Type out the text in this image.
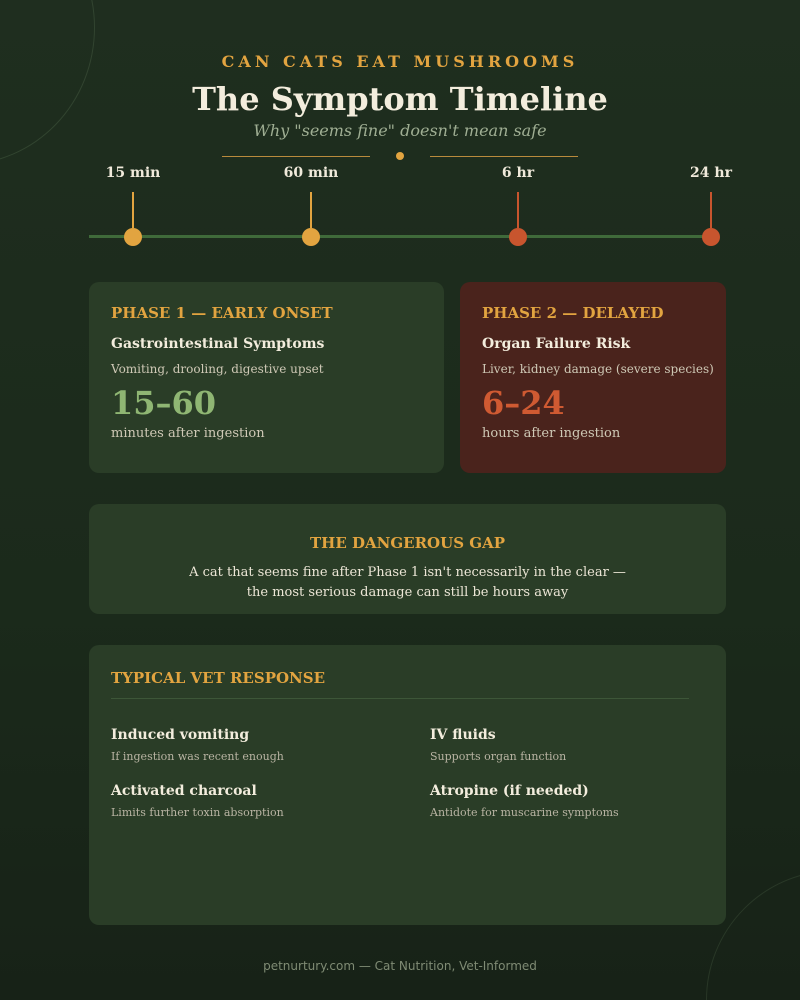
CAN CATS EAT MUSHROOMS
The Symptom Timeline
Why "seems fine" doesn't mean safe
15 min	60 min	6 hr	24 hr
PHASE 1 — EARLY ONSET
Gastrointestinal Symptoms
Vomiting, drooling, digestive upset
15–60
minutes after ingestion
PHASE 2 — DELAYED
Organ Failure Risk
Liver, kidney damage (severe species)
6–24
hours after ingestion
THE DANGEROUS GAP
A cat that seems fine after Phase 1 isn't necessarily in the clear —
the most serious damage can still be hours away
TYPICAL VET RESPONSE
Induced vomiting
If ingestion was recent enough
IV fluids
Supports organ function
Activated charcoal
Limits further toxin absorption
Atropine (if needed)
Antidote for muscarine symptoms
petnurtury.com — Cat Nutrition, Vet-Informed
